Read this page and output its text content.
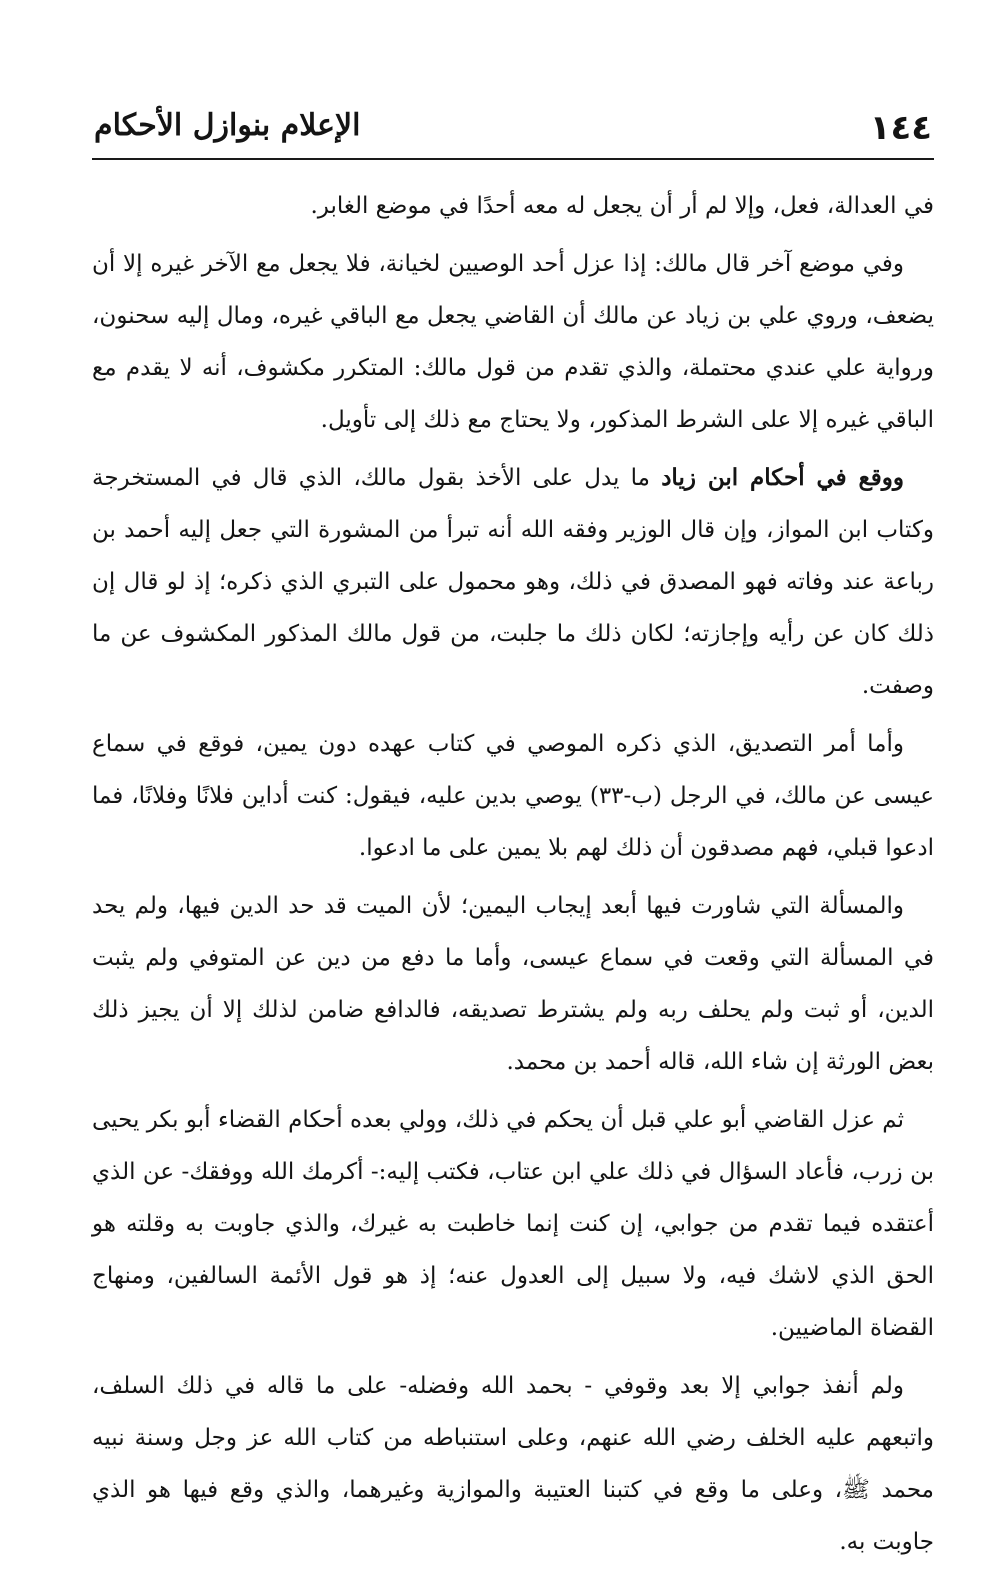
١٤٤
الإعلام بنوازل الأحكام

في العدالة، فعل، وإلا لم أر أن يجعل له معه أحدًا في موضع الغابر.

وفي موضع آخر قال مالك: إذا عزل أحد الوصيين لخيانة، فلا يجعل مع الآخر غيره إلا أن يضعف، وروي علي بن زياد عن مالك أن القاضي يجعل مع الباقي غيره، ومال إليه سحنون، ورواية علي عندي محتملة، والذي تقدم من قول مالك: المتكرر مكشوف، أنه لا يقدم مع الباقي غيره إلا على الشرط المذكور، ولا يحتاج مع ذلك إلى تأويل.

ووقع في أحكام ابن زياد ما يدل على الأخذ بقول مالك، الذي قال في المستخرجة وكتاب ابن المواز، وإن قال الوزير وفقه الله أنه تبرأ من المشورة التي جعل إليه أحمد بن رباعة عند وفاته فهو المصدق في ذلك، وهو محمول على التبري الذي ذكره؛ إذ لو قال إن ذلك كان عن رأيه وإجازته؛ لكان ذلك ما جلبت، من قول مالك المذكور المكشوف عن ما وصفت.

وأما أمر التصديق، الذي ذكره الموصي في كتاب عهده دون يمين، فوقع في سماع عيسى عن مالك، في الرجل (ب-٣٣) يوصي بدين عليه، فيقول: كنت أداين فلانًا وفلانًا، فما ادعوا قبلي، فهم مصدقون أن ذلك لهم بلا يمين على ما ادعوا.

والمسألة التي شاورت فيها أبعد إيجاب اليمين؛ لأن الميت قد حد الدين فيها، ولم يحد في المسألة التي وقعت في سماع عيسى، وأما ما دفع من دين عن المتوفي ولم يثبت الدين، أو ثبت ولم يحلف ربه ولم يشترط تصديقه، فالدافع ضامن لذلك إلا أن يجيز ذلك بعض الورثة إن شاء الله، قاله أحمد بن محمد.

ثم عزل القاضي أبو علي قبل أن يحكم في ذلك، وولي بعده أحكام القضاء أبو بكر يحيى بن زرب، فأعاد السؤال في ذلك علي ابن عتاب، فكتب إليه:- أكرمك الله ووفقك- عن الذي أعتقده فيما تقدم من جوابي، إن كنت إنما خاطبت به غيرك، والذي جاوبت به وقلته هو الحق الذي لاشك فيه، ولا سبيل إلى العدول عنه؛ إذ هو قول الأئمة السالفين، ومنهاج القضاة الماضيين.

ولم أنفذ جوابي إلا بعد وقوفي - بحمد الله وفضله- على ما قاله في ذلك السلف، واتبعهم عليه الخلف رضي الله عنهم، وعلى استنباطه من كتاب الله عز وجل وسنة نبيه محمد ﷺ، وعلى ما وقع في كتبنا العتيبة والموازية وغيرهما، والذي وقع فيها هو الذي جاوبت به.
